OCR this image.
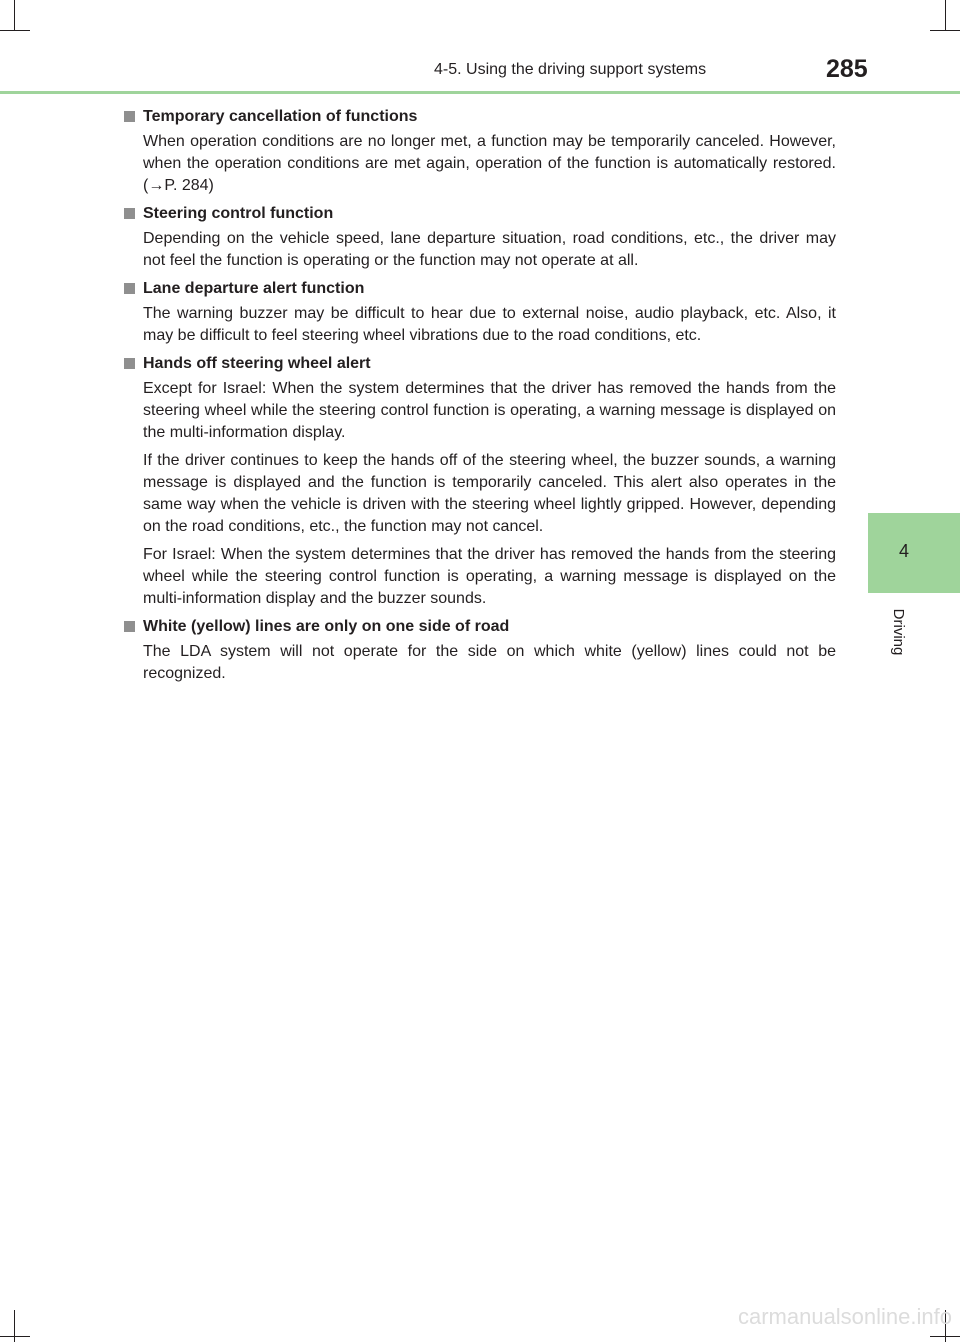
4-5. Using the driving support systems	285
4
Driving
Temporary cancellation of functions

When operation conditions are no longer met, a function may be temporarily canceled. However, when the operation conditions are met again, operation of the function is automatically restored. (→P. 284)

Steering control function

Depending on the vehicle speed, lane departure situation, road conditions, etc., the driver may not feel the function is operating or the function may not operate at all.

Lane departure alert function

The warning buzzer may be difficult to hear due to external noise, audio playback, etc. Also, it may be difficult to feel steering wheel vibrations due to the road conditions, etc.

Hands off steering wheel alert

Except for Israel: When the system determines that the driver has removed the hands from the steering wheel while the steering control function is operating, a warning message is displayed on the multi-information display.

If the driver continues to keep the hands off of the steering wheel, the buzzer sounds, a warning message is displayed and the function is temporarily canceled. This alert also operates in the same way when the vehicle is driven with the steering wheel lightly gripped. However, depending on the road conditions, etc., the function may not cancel.

For Israel: When the system determines that the driver has removed the hands from the steering wheel while the steering control function is operating, a warning message is displayed on the multi-information display and the buzzer sounds.

White (yellow) lines are only on one side of road

The LDA system will not operate for the side on which white (yellow) lines could not be recognized.

carmanualsonline.info
